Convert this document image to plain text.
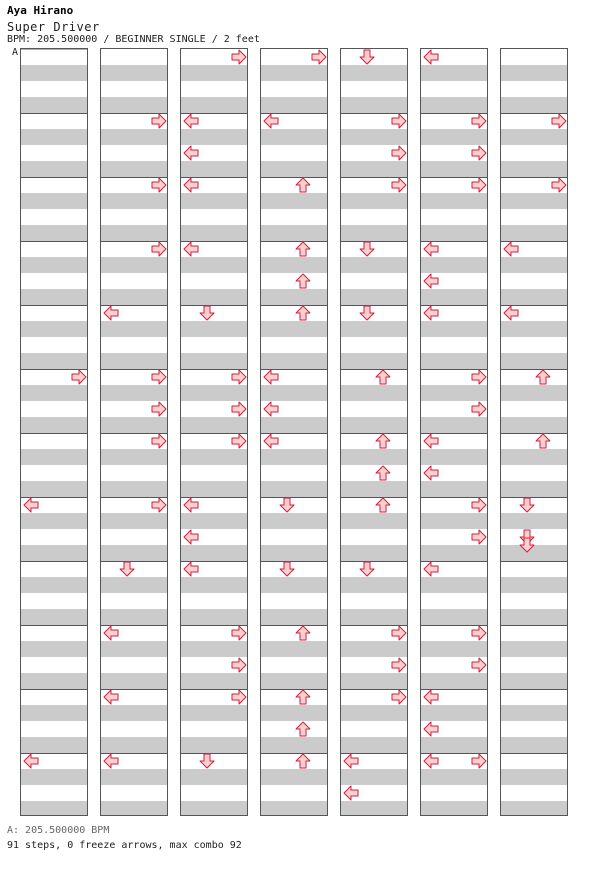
Aya Hirano
Super Driver
BPM: 205.500000 / BEGINNER SINGLE / 2 feet
A
A: 205.500000 BPM
91 steps, 0 freeze arrows, max combo 92
